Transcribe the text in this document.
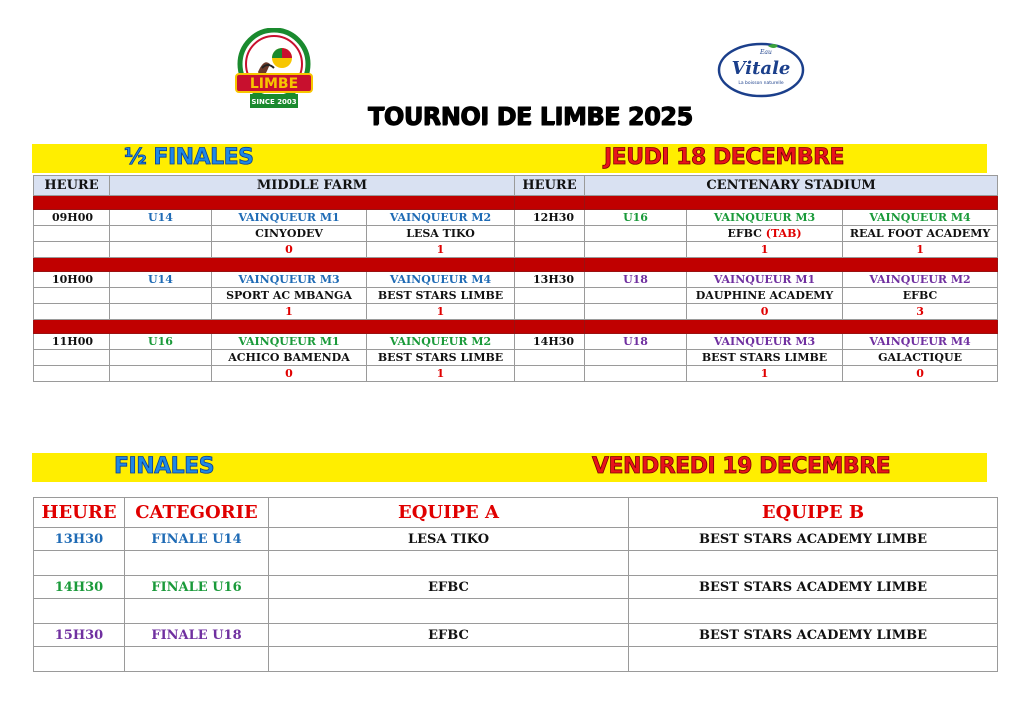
LIMBE
SINCE 2003
Eau
Vitale
La boisson naturelle
TOURNOI DE LIMBE 2025
½ FINALES	JEUDI 18 DECEMBRE
HEURE	MIDDLE FARM			HEURE	CENTENARY STADIUM		

09H00	U14	VAINQUEUR M1	VAINQUEUR M2	12H30	U16	VAINQUEUR M3	VAINQUEUR M4
		CINYODEV	LESA TIKO			EFBC (TAB)	REAL FOOT ACADEMY
		0	1			1	1

10H00	U14	VAINQUEUR M3	VAINQUEUR M4	13H30	U18	VAINQUEUR M1	VAINQUEUR M2
		SPORT AC MBANGA	BEST STARS LIMBE			DAUPHINE ACADEMY	EFBC
		1	1			0	3

11H00	U16	VAINQUEUR M1	VAINQUEUR M2	14H30	U18	VAINQUEUR M3	VAINQUEUR M4
		ACHICO BAMENDA	BEST STARS LIMBE			BEST STARS LIMBE	GALACTIQUE
		0	1			1	0
FINALES	VENDREDI 19 DECEMBRE
HEURE	CATEGORIE	EQUIPE A	EQUIPE B
13H30	FINALE U14	LESA TIKO	BEST STARS ACADEMY LIMBE

14H30	FINALE U16	EFBC	BEST STARS ACADEMY LIMBE

15H30	FINALE U18	EFBC	BEST STARS ACADEMY LIMBE
